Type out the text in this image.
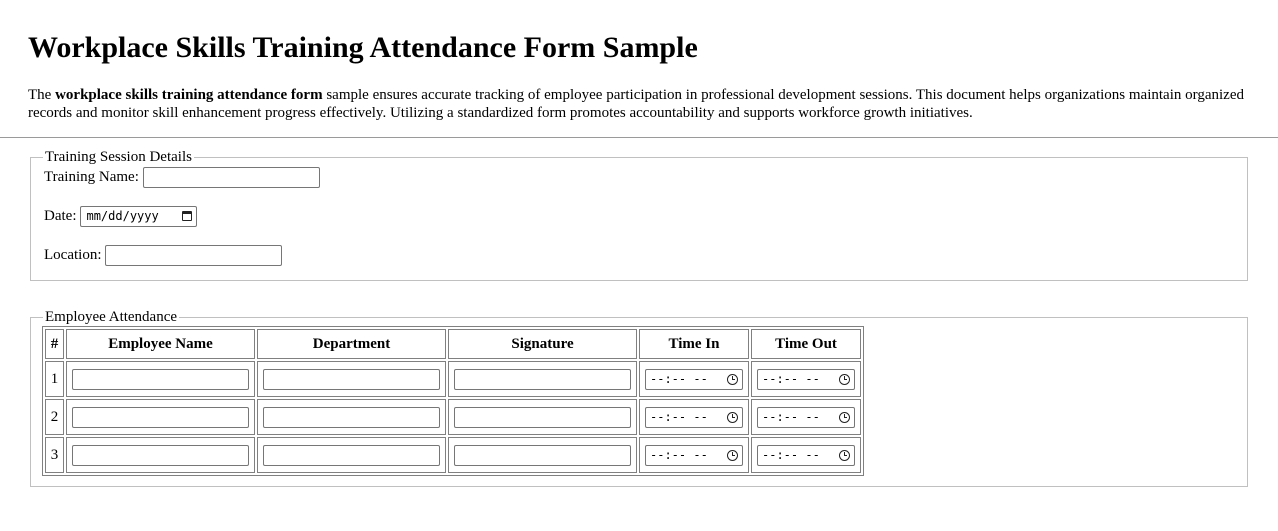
Workplace Skills Training Attendance Form Sample

The workplace skills training attendance form sample ensures accurate tracking of employee participation in professional development sessions. This document helps organizations maintain organized records and monitor skill enhancement progress effectively. Utilizing a standardized form promotes accountability and supports workforce growth initiatives.

Training Session Details
Training Name:
Date: mm/dd/yyyy
Location:
Employee Attendance
#	Employee Name	Department	Signature	Time In	Time Out
1				--:-- --	--:-- --

2				--:-- --	--:-- --

3				--:-- --	--:-- --
